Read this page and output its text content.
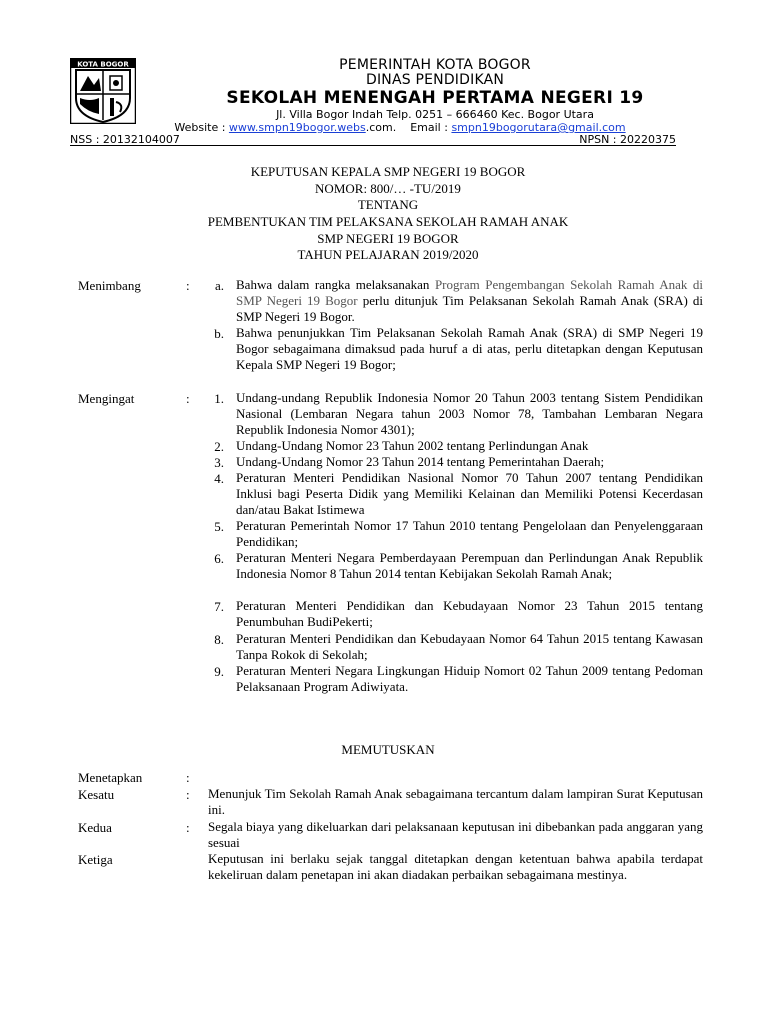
KOTA BOGOR	PEMERINTAH KOTA BOGOR
DINAS PENDIDIKAN
SEKOLAH MENENGAH PERTAMA NEGERI 19
Jl. Villa Bogor Indah Telp. 0251 – 666460 Kec. Bogor Utara
Website : www.smpn19bogor.webs.com. Email : smpn19bogorutara@gmail.com
NSS : 20132104007	NPSN : 20220375
KEPUTUSAN KEPALA SMP NEGERI 19 BOGOR
NOMOR: 800/… -TU/2019
TENTANG
PEMBENTUKAN TIM PELAKSANA SEKOLAH RAMAH ANAK
SMP NEGERI 19 BOGOR
TAHUN PELAJARAN 2019/2020
Menimbang	:	a. Bahwa dalam rangka melaksanakan Program Pengembangan Sekolah Ramah Anak di SMP Negeri 19 Bogor perlu ditunjuk Tim Pelaksanan Sekolah Ramah Anak (SRA) di SMP Negeri 19 Bogor.
b. Bahwa penunjukkan Tim Pelaksanan Sekolah Ramah Anak (SRA) di SMP Negeri 19 Bogor sebagaimana dimaksud pada huruf a di atas, perlu ditetapkan dengan Keputusan Kepala SMP Negeri 19 Bogor;
Mengingat	:	1. Undang-undang Republik Indonesia Nomor 20 Tahun 2003 tentang Sistem Pendidikan Nasional (Lembaran Negara tahun 2003 Nomor 78, Tambahan Lembaran Negara Republik Indonesia Nomor 4301);
2. Undang-Undang Nomor 23 Tahun 2002 tentang Perlindungan Anak
3. Undang-Undang Nomor 23 Tahun 2014 tentang Pemerintahan Daerah;
4. Peraturan Menteri Pendidikan Nasional Nomor 70 Tahun 2007 tentang Pendidikan Inklusi bagi Peserta Didik yang Memiliki Kelainan dan Memiliki Potensi Kecerdasan dan/atau Bakat Istimewa
5. Peraturan Pemerintah Nomor 17 Tahun 2010 tentang Pengelolaan dan Penyelenggaraan Pendidikan;
6. Peraturan Menteri Negara Pemberdayaan Perempuan dan Perlindungan Anak Republik Indonesia Nomor 8 Tahun 2014 tentan Kebijakan Sekolah Ramah Anak;
7. Peraturan Menteri Pendidikan dan Kebudayaan Nomor 23 Tahun 2015 tentang Penumbuhan BudiPekerti;
8. Peraturan Menteri Pendidikan dan Kebudayaan Nomor 64 Tahun 2015 tentang Kawasan Tanpa Rokok di Sekolah;
9. Peraturan Menteri Negara Lingkungan Hiduip Nomort 02 Tahun 2009 tentang Pedoman Pelaksanaan Program Adiwiyata.
MEMUTUSKAN
Menetapkan	:
Kesatu	: Menunjuk Tim Sekolah Ramah Anak sebagaimana tercantum dalam lampiran Surat Keputusan ini.
Kedua	: Segala biaya yang dikeluarkan dari pelaksanaan keputusan ini dibebankan pada anggaran yang sesuai
Ketiga	Keputusan ini berlaku sejak tanggal ditetapkan dengan ketentuan bahwa apabila terdapat kekeliruan dalam penetapan ini akan diadakan perbaikan sebagaimana mestinya.
